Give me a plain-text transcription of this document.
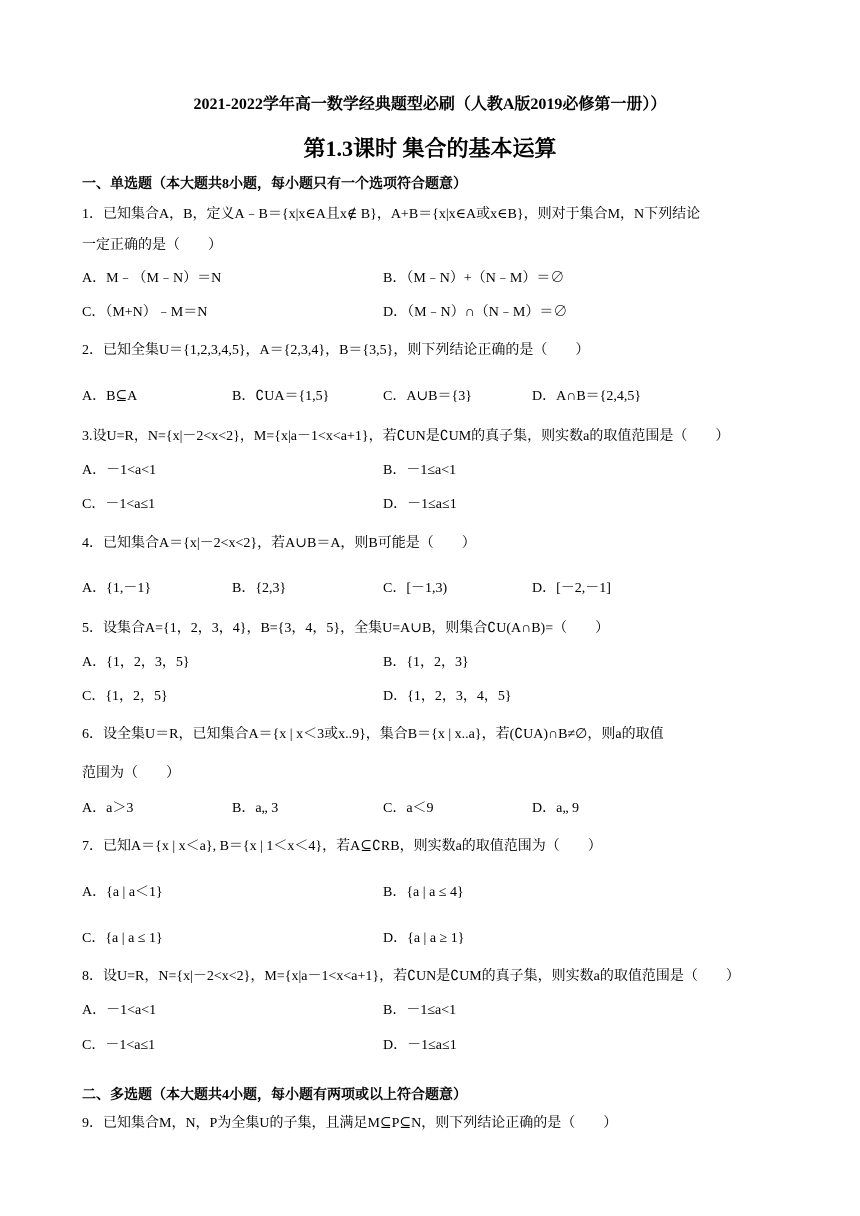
2021-2022学年高一数学经典题型必刷（人教A版2019必修第一册））
第1.3课时 集合的基本运算
一、单选题（本大题共8小题，每小题只有一个选项符合题意）
1．已知集合A，B，定义A﹣B＝{x|x∈A且x∉ B}，A+B＝{x|x∈A或x∈B}，则对于集合M，N下列结论
一定正确的是（　　）
A．M﹣（M﹣N）＝N	B．（M﹣N）+（N﹣M）＝∅
C．（M+N）﹣M＝N	D．（M﹣N）∩（N﹣M）＝∅
2．已知全集U＝{1,2,3,4,5}，A＝{2,3,4}，B＝{3,5}，则下列结论正确的是（　　）
A．B⊆A	B．∁UA＝{1,5}	C．A∪B＝{3}	D．A∩B＝{2,4,5}
3.设U=R，N={x|－2<x<2}，M={x|a－1<x<a+1}，若∁UN是∁UM的真子集，则实数a的取值范围是（　　）
A．－1<a<1	B．－1≤a<1
C．－1<a≤1	D．－1≤a≤1
4．已知集合A＝{x|－2<x<2}，若A∪B＝A，则B可能是（　　）
A．{1,－1}	B．{2,3}	C．[－1,3)	D．[－2,－1]
5．设集合A={1，2，3，4}，B={3，4，5}，全集U=A∪B，则集合∁U(A∩B)=（　　）
A．{1，2，3，5}	B．{1，2，3}
C．{1，2，5}	D．{1，2，3，4，5}
6．设全集U＝R，已知集合A＝{x | x＜3或x..9}，集合B＝{x | x..a}，若(∁UA)∩B≠∅，则a的取值
范围为（　　）
A．a＞3	B．a„ 3	C．a＜9	D．a„ 9
7．已知A＝{x | x＜a}, B＝{x | 1＜x＜4}，若A⊆∁RB，则实数a的取值范围为（　　）
A．{a | a＜1}	B．{a | a ≤ 4}
C．{a | a ≤ 1}	D．{a | a ≥ 1}
8．设U=R，N={x|－2<x<2}，M={x|a－1<x<a+1}，若∁UN是∁UM的真子集，则实数a的取值范围是（　　）
A．－1<a<1	B．－1≤a<1
C．－1<a≤1	D．－1≤a≤1
二、多选题（本大题共4小题，每小题有两项或以上符合题意）
9．已知集合M，N，P为全集U的子集，且满足M⊆P⊆N，则下列结论正确的是（　　）
